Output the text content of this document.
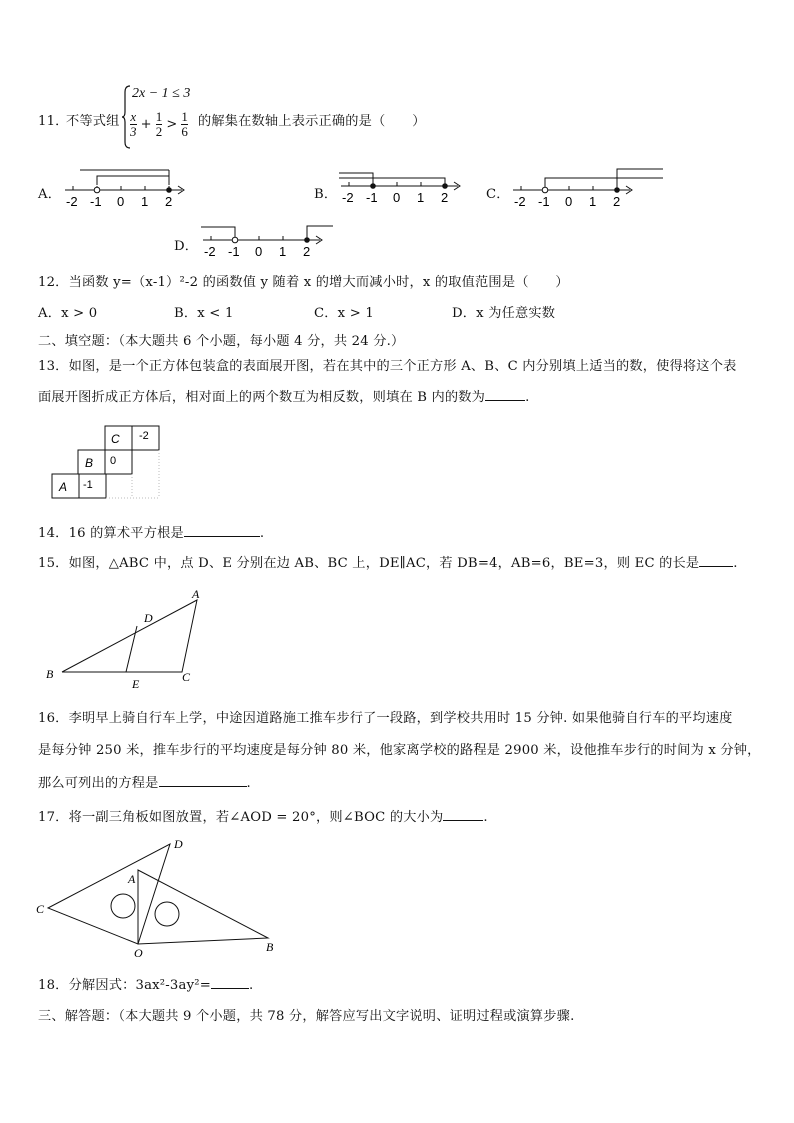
11．
不等式组
2x − 1 ≤ 3
$\frac{x}{3} + \frac{1}{2} > \frac{1}{6}$ 的解集在数轴上表示正确的是（　　）
A． -2 -1 0 1 2	B． -2 -1 0 1 2	C． -2 -1 0 1 2
D． -2 -1 0 1 2
12．当函数 y=（x-1）²-2 的函数值 y 随着 x 的增大而减小时，x 的取值范围是（　　）
A．x > 0	B．x < 1	C．x > 1	D．x 为任意实数
二、填空题：（本大题共 6 个小题，每小题 4 分，共 24 分.）
13．如图，是一个正方体包装盒的表面展开图，若在其中的三个正方形 A、B、C 内分别填上适当的数，使得将这个表
面展开图折成正方体后，相对面上的两个数互为相反数，则填在 B 内的数为	.
C -2
B 0
A -1
14．16 的算术平方根是	.
15．如图，△ABC 中，点 D、E 分别在边 AB、BC 上，DE∥AC，若 DB=4，AB=6，BE=3，则 EC 的长是	.
A
B	C
D
E
16．李明早上骑自行车上学，中途因道路施工推车步行了一段路，到学校共用时 15 分钟. 如果他骑自行车的平均速度
是每分钟 250 米，推车步行的平均速度是每分钟 80 米，他家离学校的路程是 2900 米，设他推车步行的时间为 x 分钟，
那么可列出的方程是	.
17．将一副三角板如图放置，若∠AOD = 20°，则∠BOC 的大小为	.
D
A
C
O	B
18．分解因式：3ax²-3ay²=	.
三、解答题：（本大题共 9 个小题，共 78 分，解答应写出文字说明、证明过程或演算步骤.
